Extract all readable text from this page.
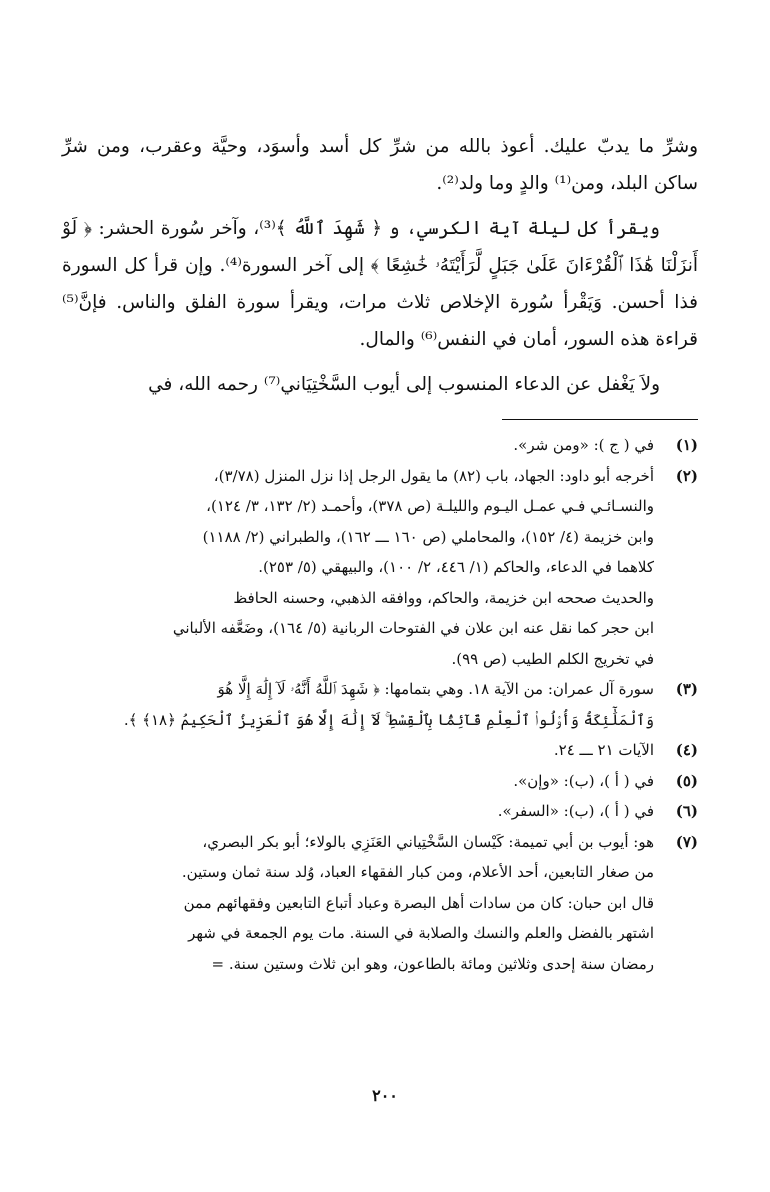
وشرِّ ما يدبّ عليك. أعوذ بالله من شرِّ كل أسد وأسوَد، وحيَّة وعقرب، ومن شرِّ ساكن البلد، ومن⁽¹⁾ والدٍ وما ولد⁽²⁾.

ويقرأ كل ليلة آية الكرسي، و ﴿ شَهِدَ ٱللَّهُ ﴾⁽³⁾، وآخر سُورة الحشر: ﴿ لَوْ أَنزَلْنَا هَٰذَا ٱلْقُرْءَانَ عَلَىٰ جَبَلٍ لَّرَأَيْتَهُۥ خَٰشِعًا ﴾ إلى آخر السورة⁽⁴⁾. وإن قرأ كل السورة فذا أحسن. وَيَقْرأ سُورة الإخلاص ثلاث مرات، ويقرأ سورة الفلق والناس. فإنَّ⁽⁵⁾ قراءة هذه السور، أمان في النفس⁽⁶⁾ والمال.

ولاَ يَغْفل عن الدعاء المنسوب إلى أيوب السَّخْتِيَاني⁽⁷⁾ رحمه الله، في

(١)
في ( ج ): «ومن شر».
(٢)
أخرجه أبو داود: الجهاد، باب (٨٢) ما يقول الرجل إذا نزل المنزل (٣/٧٨)،
والنسـائـي فـي عمـل اليـوم والليلـة (ص ٣٧٨)، وأحمـد (٢/ ١٣٢، ٣/ ١٢٤)،
وابن خزيمة (٤/ ١٥٢)، والمحاملي (ص ١٦٠ ـــ ١٦٢)، والطبراني (٢/ ١١٨٨)
كلاهما في الدعاء، والحاكم (١/ ٤٤٦، ٢/ ١٠٠)، والبيهقي (٥/ ٢٥٣).
والحديث صححه ابن خزيمة، والحاكم، ووافقه الذهبي، وحسنه الحافظ
ابن حجر كما نقل عنه ابن علان في الفتوحات الربانية (٥/ ١٦٤)، وضَعَّفه الألباني
في تخريج الكلم الطيب (ص ٩٩).
(٣)
سورة آل عمران: من الآية ١٨. وهي بتمامها: ﴿ شَهِدَ ٱللَّهُ أَنَّهُۥ لَآ إِلَٰهَ إِلَّا هُوَ
وَٱلْمَلَٰٓئِكَةُ وَأُو۟لُوا۟ ٱلْعِلْمِ قَآئِمًۢا بِٱلْقِسْطِ ۚ لَآ إِلَٰهَ إِلَّا هُوَ ٱلْعَزِيزُ ٱلْحَكِيمُ ﴿١٨﴾ ﴾.
(٤)
الآيات ٢١ ـــ ٢٤.
(٥)
في ( أ )، (ب): «وإن».
(٦)
في ( أ )، (ب): «السفر».
(٧)
هو: أيوب بن أبي تميمة: كَيْسان السَّخْتِياني العَنَزِي بالولاء؛ أبو بكر البصري،
من صغار التابعين، أحد الأعلام، ومن كبار الفقهاء العباد، وُلد سنة ثمان وستين.
قال ابن حبان: كان من سادات أهل البصرة وعباد أتباع التابعين وفقهائهم ممن
اشتهر بالفضل والعلم والنسك والصلابة في السنة. مات يوم الجمعة في شهر
رمضان سنة إحدى وثلاثين ومائة بالطاعون، وهو ابن ثلاث وستين سنة. =
٢٠٠
